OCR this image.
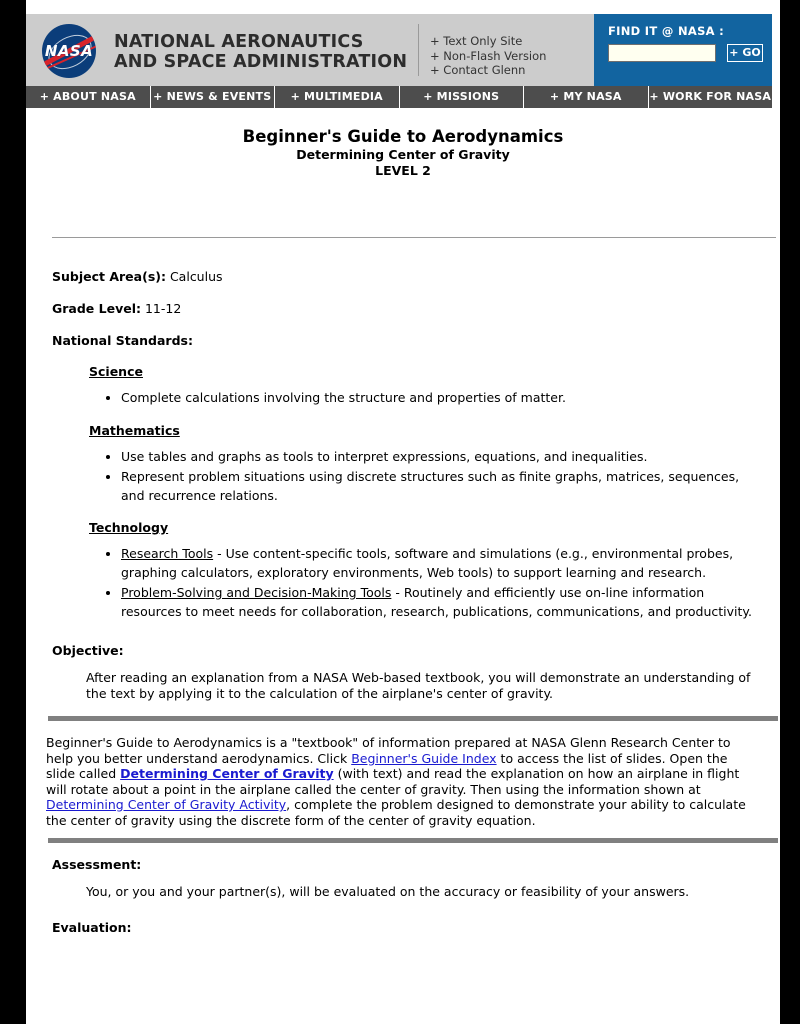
NASA NATIONAL AERONAUTICS
AND SPACE ADMINISTRATION
+ Text Only Site
+ Non-Flash Version
+ Contact Glenn
FIND IT @ NASA :
+ GO
+ ABOUT NASA	+ NEWS & EVENTS	+ MULTIMEDIA	+ MISSIONS	+ MY NASA	+ WORK FOR NASA
Beginner's Guide to Aerodynamics
Determining Center of Gravity
LEVEL 2
Subject Area(s): Calculus
Grade Level: 11-12
National Standards:
Science
• Complete calculations involving the structure and properties of matter.
Mathematics
• Use tables and graphs as tools to interpret expressions, equations, and inequalities.
• Represent problem situations using discrete structures such as finite graphs, matrices, sequences, and recurrence relations.
Technology
• Research Tools - Use content-specific tools, software and simulations (e.g., environmental probes, graphing calculators, exploratory environments, Web tools) to support learning and research.
• Problem-Solving and Decision-Making Tools - Routinely and efficiently use on-line information resources to meet needs for collaboration, research, publications, communications, and productivity.
Objective:
After reading an explanation from a NASA Web-based textbook, you will demonstrate an understanding of the text by applying it to the calculation of the airplane's center of gravity.
Beginner's Guide to Aerodynamics is a "textbook" of information prepared at NASA Glenn Research Center to help you better understand aerodynamics. Click Beginner's Guide Index to access the list of slides. Open the slide called Determining Center of Gravity (with text) and read the explanation on how an airplane in flight will rotate about a point in the airplane called the center of gravity. Then using the information shown at Determining Center of Gravity Activity, complete the problem designed to demonstrate your ability to calculate the center of gravity using the discrete form of the center of gravity equation.
Assessment:
You, or you and your partner(s), will be evaluated on the accuracy or feasibility of your answers.
Evaluation:
